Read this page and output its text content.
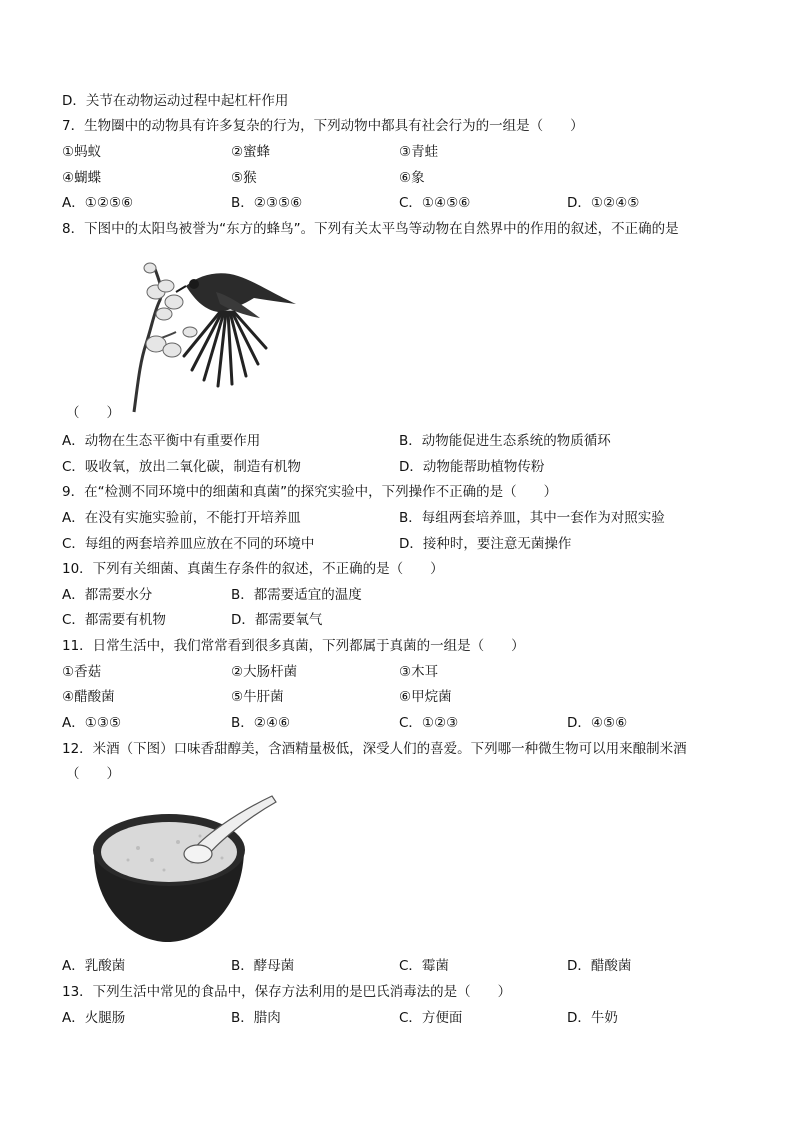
D．关节在动物运动过程中起杠杆作用
7．生物圈中的动物具有许多复杂的行为，下列动物中都具有社会行为的一组是（　　）
①蚂蚁	②蜜蜂	③青蛙
④蝴蝶	⑤猴	⑥象
A．①②⑤⑥	B．②③⑤⑥	C．①④⑤⑥	D．①②④⑤
8．下图中的太阳鸟被誉为“东方的蜂鸟”。下列有关太平鸟等动物在自然界中的作用的叙述，不正确的是
（　　）
A．动物在生态平衡中有重要作用	B．动物能促进生态系统的物质循环
C．吸收氧，放出二氧化碳，制造有机物	D．动物能帮助植物传粉
9．在“检测不同环境中的细菌和真菌”的探究实验中，下列操作不正确的是（　　）
A．在没有实施实验前，不能打开培养皿	B．每组两套培养皿，其中一套作为对照实验
C．每组的两套培养皿应放在不同的环境中	D．接种时，要注意无菌操作
10．下列有关细菌、真菌生存条件的叙述，不正确的是（　　）
A．都需要水分	B．都需要适宜的温度
C．都需要有机物	D．都需要氧气
11．日常生活中，我们常常看到很多真菌，下列都属于真菌的一组是（　　）
①香菇	②大肠杆菌	③木耳
④醋酸菌	⑤牛肝菌	⑥甲烷菌
A．①③⑤	B．②④⑥	C．①②③	D．④⑤⑥
12．米酒（下图）口味香甜醇美，含酒精量极低，深受人们的喜爱。下列哪一种微生物可以用来酿制米酒
（　　）
A．乳酸菌	B．酵母菌	C．霉菌	D．醋酸菌
13．下列生活中常见的食品中，保存方法利用的是巴氏消毒法的是（　　）
A．火腿肠	B．腊肉	C．方便面	D．牛奶
